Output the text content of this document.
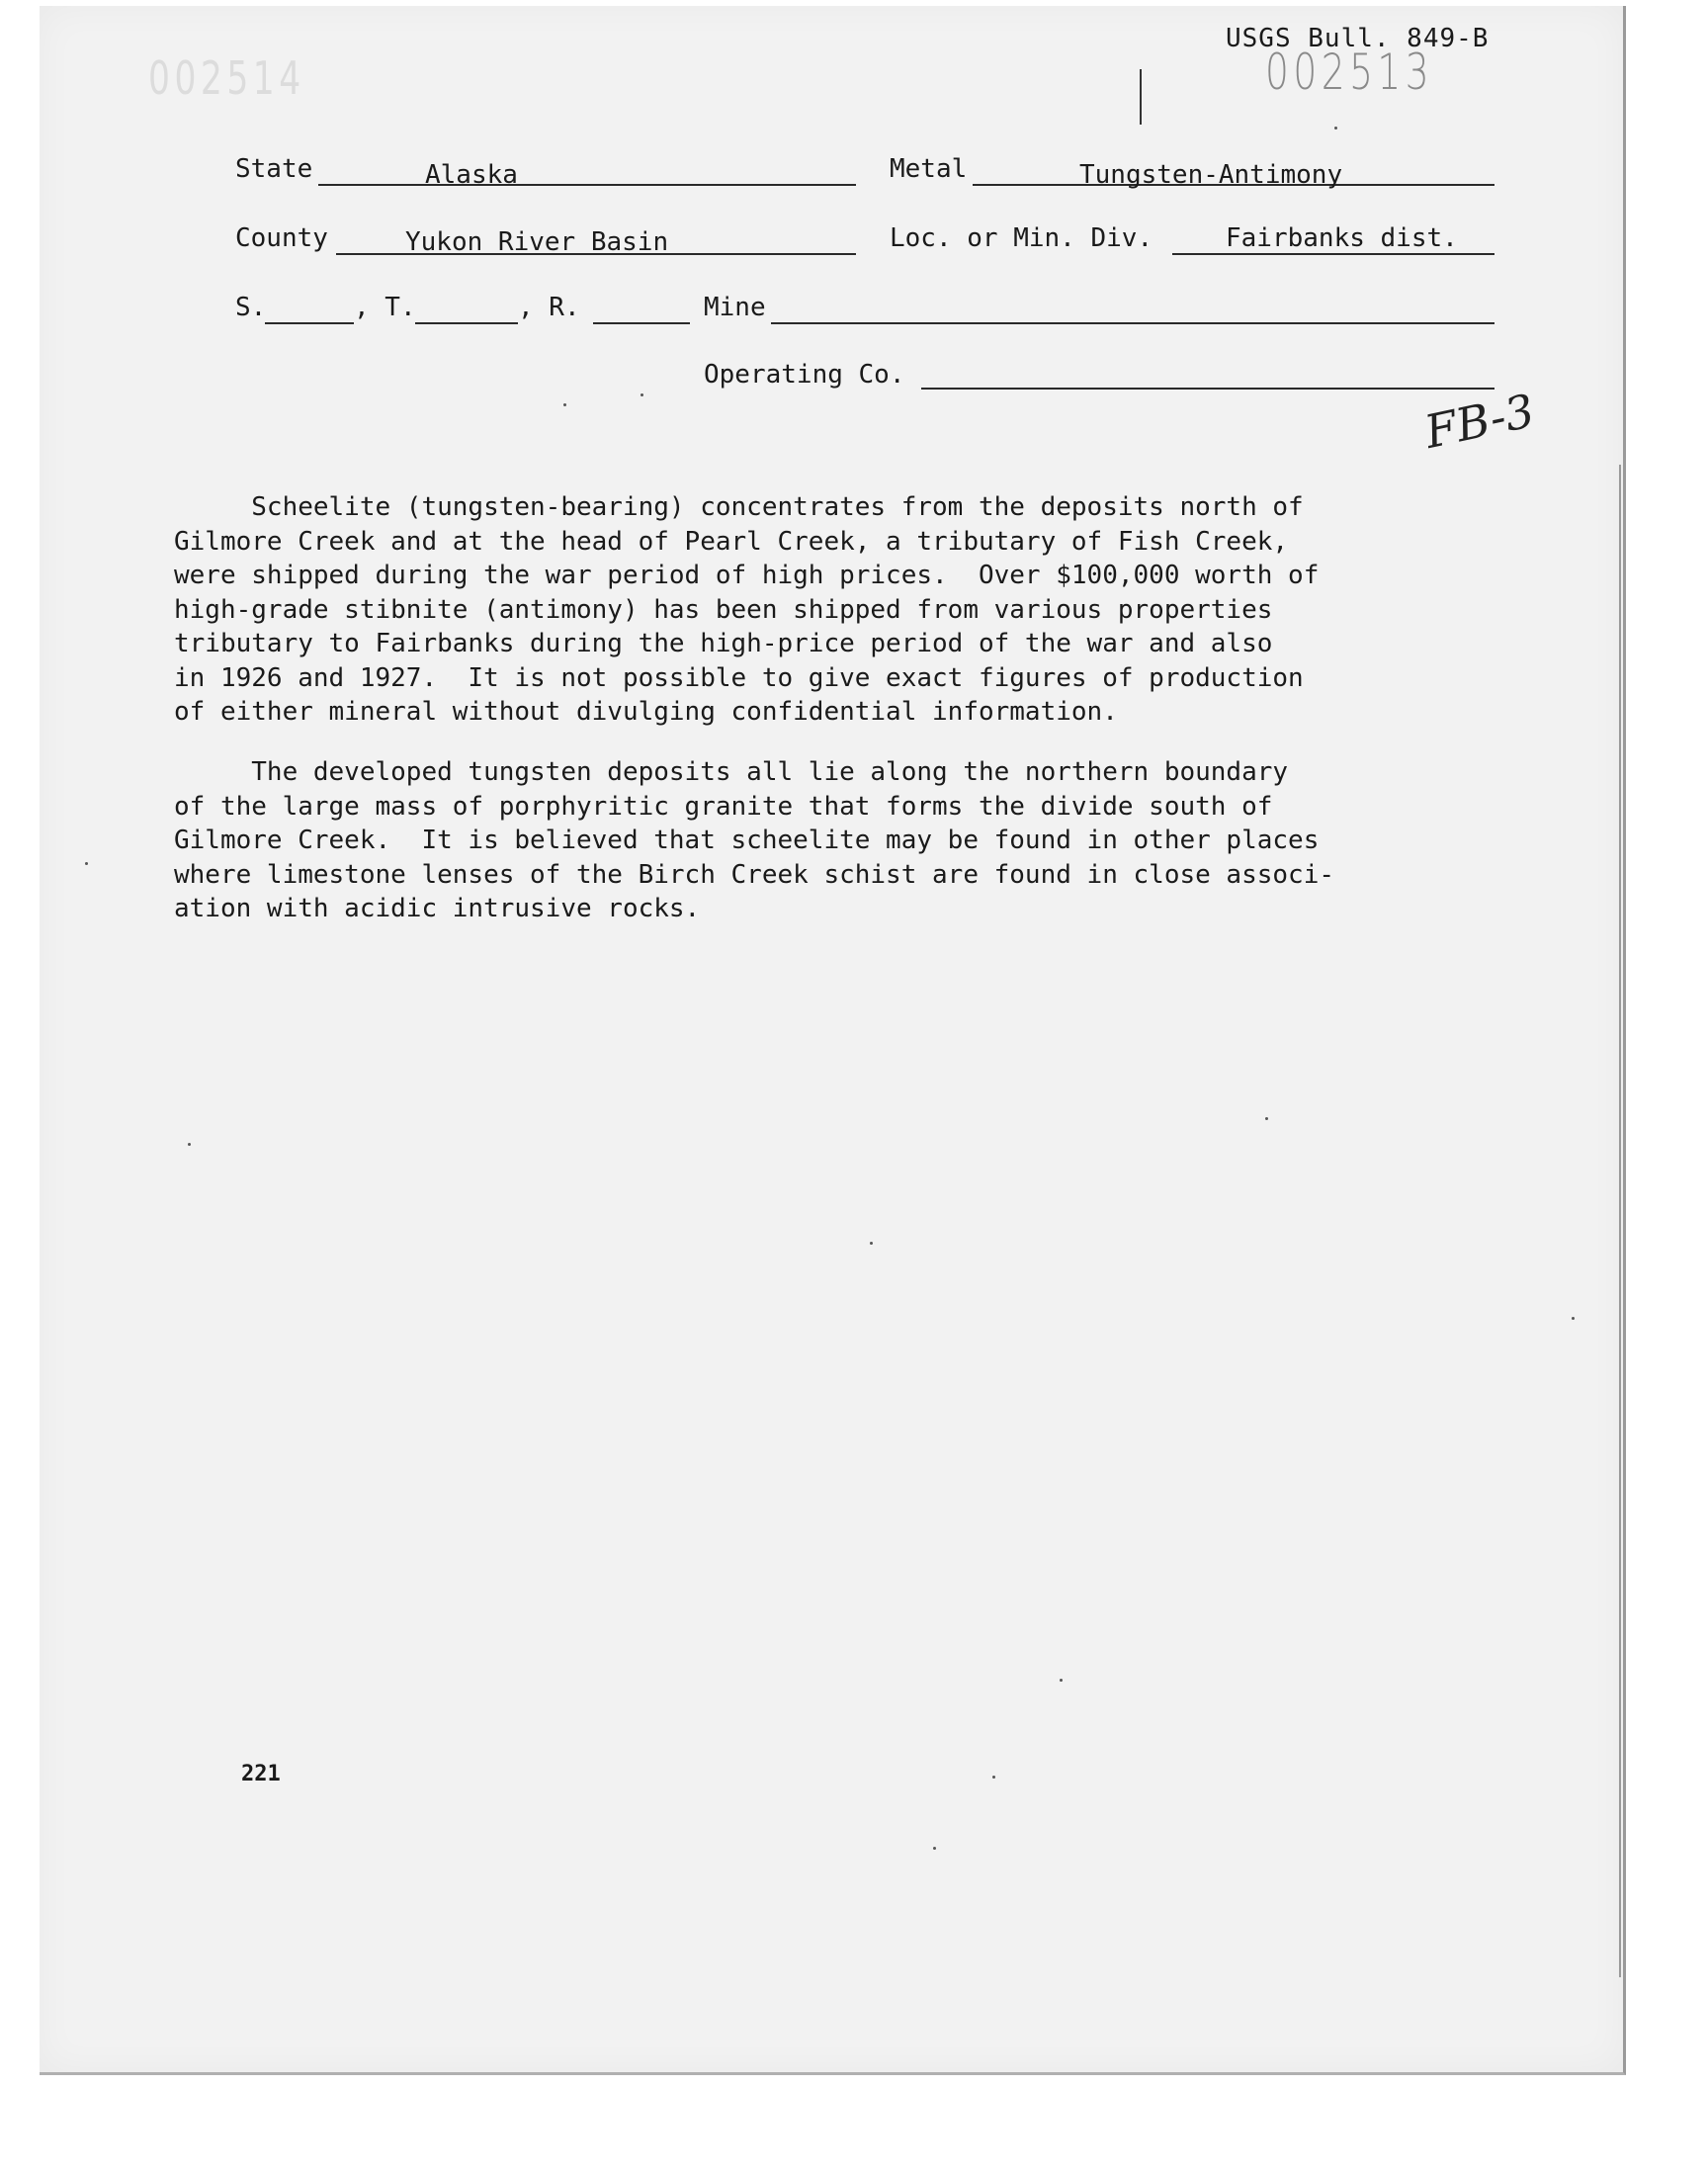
002514
USGS Bull. 849-B
002513
State	Alaska	Metal	Tungsten-Antimony
County	Yukon River Basin	Loc. or Min. Div.	Fairbanks dist.
S.	, T.	, R.	Mine
Operating Co.
FB-3
Scheelite (tungsten-bearing) concentrates from the deposits north of
Gilmore Creek and at the head of Pearl Creek, a tributary of Fish Creek,
were shipped during the war period of high prices.  Over $100,000 worth of
high-grade stibnite (antimony) has been shipped from various properties
tributary to Fairbanks during the high-price period of the war and also
in 1926 and 1927.  It is not possible to give exact figures of production
of either mineral without divulging confidential information.
The developed tungsten deposits all lie along the northern boundary
of the large mass of porphyritic granite that forms the divide south of
Gilmore Creek.  It is believed that scheelite may be found in other places
where limestone lenses of the Birch Creek schist are found in close associ-
ation with acidic intrusive rocks.
221
